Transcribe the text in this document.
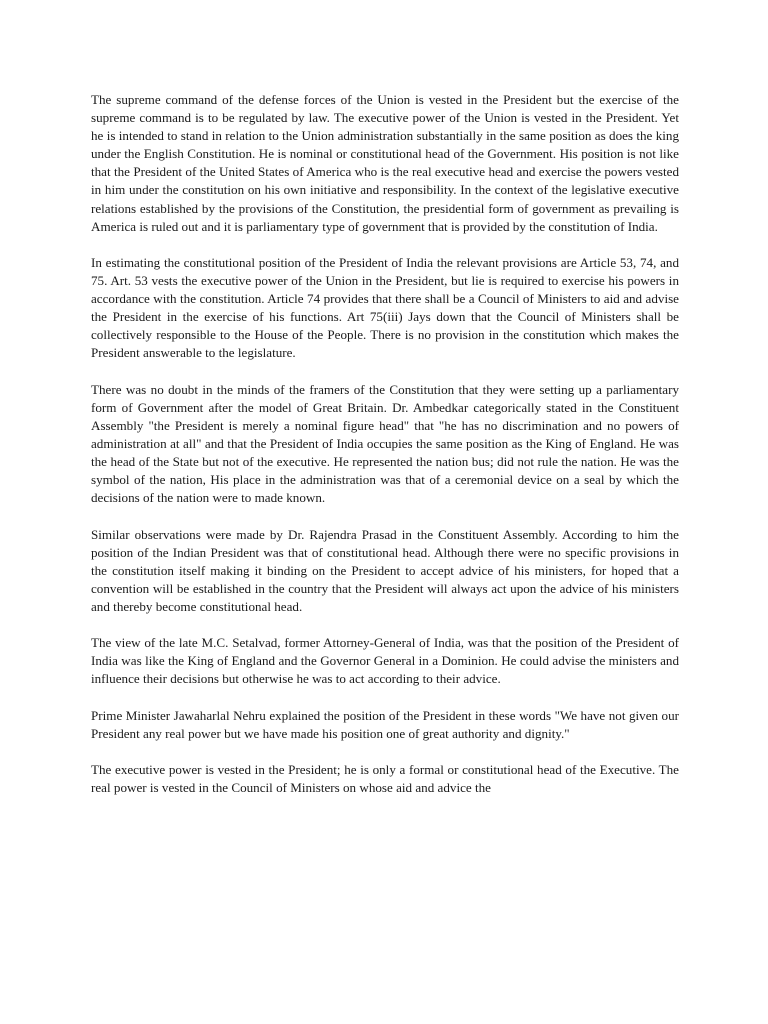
The supreme command of the defense forces of the Union is vested in the President but the exercise of the supreme command is to be regulated by law. The executive power of the Union is vested in the President. Yet he is intended to stand in relation to the Union administration substantially in the same position as does the king under the English Constitution. He is nominal or constitutional head of the Government. His position is not like that the President of the United States of America who is the real executive head and exercise the powers vested in him under the constitution on his own initiative and responsibility. In the context of the legislative executive relations established by the provisions of the Constitution, the presidential form of government as prevailing is America is ruled out and it is parliamentary type of government that is provided by the constitution of India.

In estimating the constitutional position of the President of India the relevant provisions are Article 53, 74, and 75. Art. 53 vests the executive power of the Union in the President, but lie is required to exercise his powers in accordance with the constitution. Article 74 provides that there shall be a Council of Ministers to aid and advise the President in the exercise of his functions. Art 75(iii) Jays down that the Council of Ministers shall be collectively responsible to the House of the People. There is no provision in the constitution which makes the President answerable to the legislature.

There was no doubt in the minds of the framers of the Constitution that they were setting up a parliamentary form of Government after the model of Great Britain. Dr. Ambedkar categorically stated in the Constituent Assembly "the President is merely a nominal figure head" that "he has no discrimination and no powers of administration at all" and that the President of India occupies the same position as the King of England. He was the head of the State but not of the executive. He represented the nation bus; did not rule the nation. He was the symbol of the nation, His place in the administration was that of a ceremonial device on a seal by which the decisions of the nation were to made known.

Similar observations were made by Dr. Rajendra Prasad in the Constituent Assembly. According to him the position of the Indian President was that of constitutional head. Although there were no specific provisions in the constitution itself making it binding on the President to accept advice of his ministers, for hoped that a convention will be established in the country that the President will always act upon the advice of his ministers and thereby become constitutional head.

The view of the late M.C. Setalvad, former Attorney-General of India, was that the position of the President of India was like the King of England and the Governor General in a Dominion. He could advise the ministers and influence their decisions but otherwise he was to act according to their advice.

Prime Minister Jawaharlal Nehru explained the position of the President in these words "We have not given our President any real power but we have made his position one of great authority and dignity."

The executive power is vested in the President; he is only a formal or constitutional head of the Executive. The real power is vested in the Council of Ministers on whose aid and advice the
